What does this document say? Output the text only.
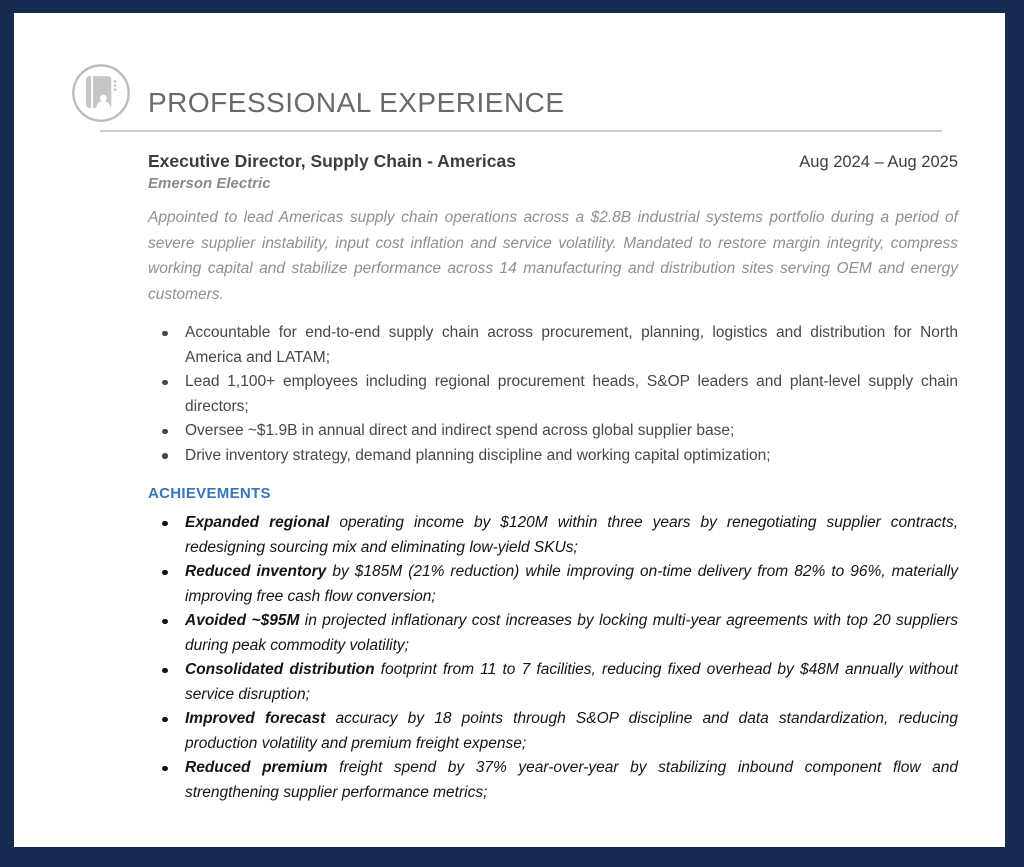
PROFESSIONAL EXPERIENCE
Executive Director, Supply Chain - Americas	Aug 2024 – Aug 2025
Emerson Electric

Appointed to lead Americas supply chain operations across a $2.8B industrial systems portfolio during a period of severe supplier instability, input cost inflation and service volatility. Mandated to restore margin integrity, compress working capital and stabilize performance across 14 manufacturing and distribution sites serving OEM and energy customers.

Accountable for end-to-end supply chain across procurement, planning, logistics and distribution for North America and LATAM;
Lead 1,100+ employees including regional procurement heads, S&OP leaders and plant-level supply chain directors;
Oversee ~$1.9B in annual direct and indirect spend across global supplier base;
Drive inventory strategy, demand planning discipline and working capital optimization;
ACHIEVEMENTS
Expanded regional operating income by $120M within three years by renegotiating supplier contracts, redesigning sourcing mix and eliminating low-yield SKUs;
Reduced inventory by $185M (21% reduction) while improving on-time delivery from 82% to 96%, materially improving free cash flow conversion;
Avoided ~$95M in projected inflationary cost increases by locking multi-year agreements with top 20 suppliers during peak commodity volatility;
Consolidated distribution footprint from 11 to 7 facilities, reducing fixed overhead by $48M annually without service disruption;
Improved forecast accuracy by 18 points through S&OP discipline and data standardization, reducing production volatility and premium freight expense;
Reduced premium freight spend by 37% year-over-year by stabilizing inbound component flow and strengthening supplier performance metrics;
